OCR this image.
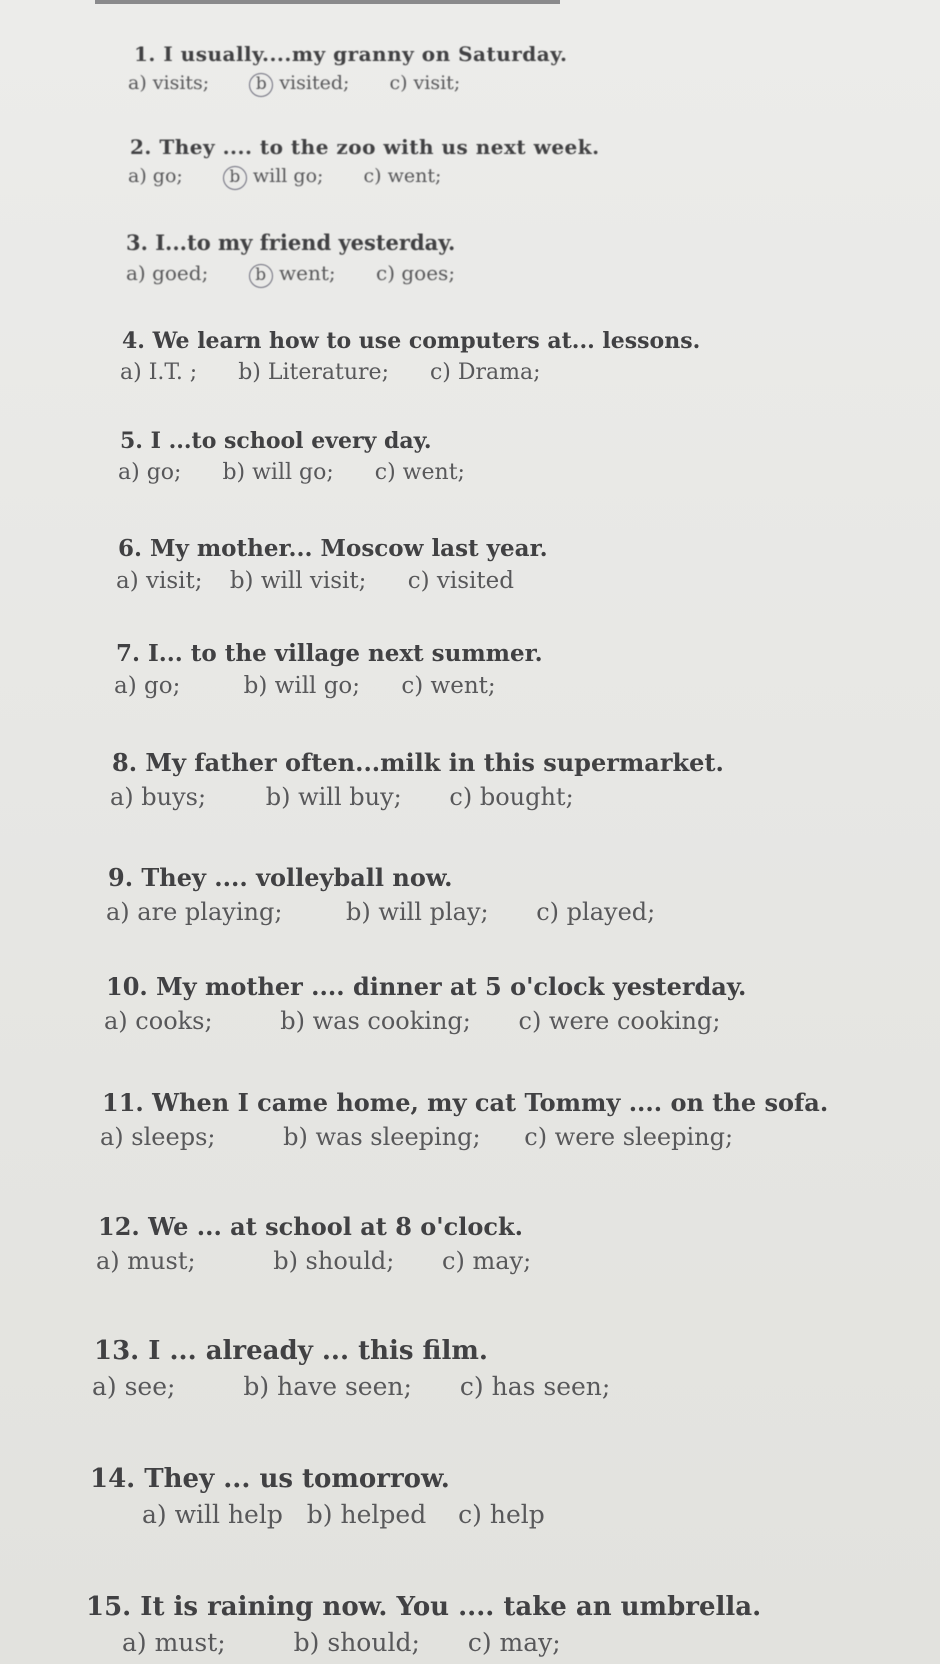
1. I usually....my granny on Saturday.
a) visits;	b visited; c) visit;
2. They .... to the zoo with us next week.
a) go;	b will go; c) went;
3. I...to my friend yesterday.
a) goed;	b went; c) goes;
4. We learn how to use computers at... lessons.
a) I.T. ; b) Literature; c) Drama;
5. I ...to school every day.
a) go; b) will go; c) went;
6. My mother... Moscow last year.
a) visit; b) will visit; c) visited
7. I... to the village next summer.
a) go;	b) will go; c) went;
8. My father often...milk in this supermarket.
a) buys; b) will buy; c) bought;
9. They .... volleyball now.
a) are playing;	b) will play; c) played;
10. My mother .... dinner at 5 o'clock yesterday.
a) cooks;	b) was cooking; c) were cooking;
11. When I came home, my cat Tommy .... on the sofa.
a) sleeps;	b) was sleeping; c) were sleeping;
12. We ... at school at 8 o'clock.
a) must;	b) should; c) may;
13. I ... already ... this film.
a) see;	b) have seen; c) has seen;
14. They ... us tomorrow.
a) will help b) helped c) help
15. It is raining now. You .... take an umbrella.
a) must;	b) should; c) may;
